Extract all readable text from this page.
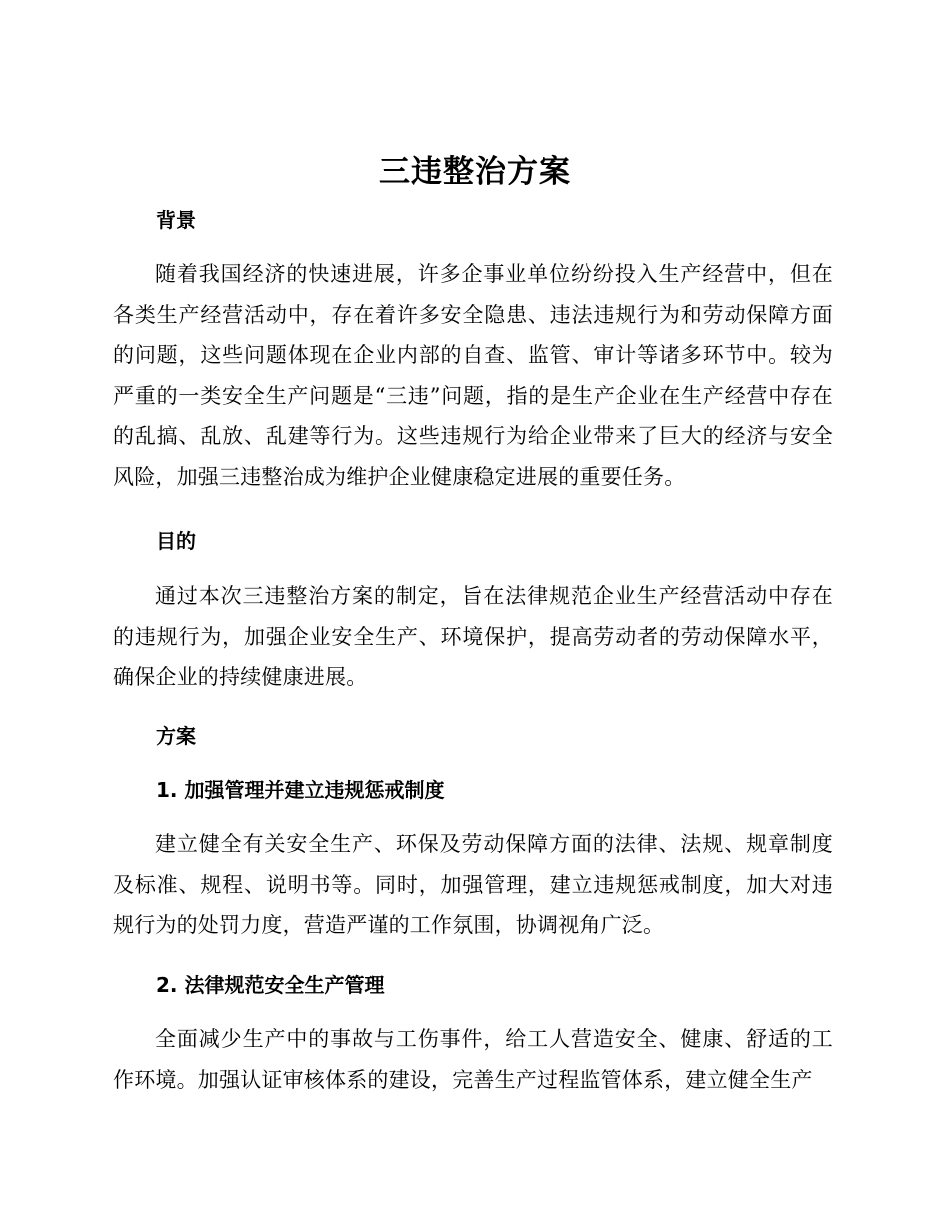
三违整治方案
背景
随着我国经济的快速进展，许多企事业单位纷纷投入生产经营中，但在各类生产经营活动中，存在着许多安全隐患、违法违规行为和劳动保障方面的问题，这些问题体现在企业内部的自查、监管、审计等诸多环节中。较为严重的一类安全生产问题是“三违”问题，指的是生产企业在生产经营中存在的乱搞、乱放、乱建等行为。这些违规行为给企业带来了巨大的经济与安全风险，加强三违整治成为维护企业健康稳定进展的重要任务。
目的
通过本次三违整治方案的制定，旨在法律规范企业生产经营活动中存在的违规行为，加强企业安全生产、环境保护，提高劳动者的劳动保障水平，确保企业的持续健康进展。
方案
1. 加强管理并建立违规惩戒制度
建立健全有关安全生产、环保及劳动保障方面的法律、法规、规章制度及标准、规程、说明书等。同时，加强管理，建立违规惩戒制度，加大对违规行为的处罚力度，营造严谨的工作氛围，协调视角广泛。
2. 法律规范安全生产管理
全面减少生产中的事故与工伤事件，给工人营造安全、健康、舒适的工作环境。加强认证审核体系的建设，完善生产过程监管体系，建立健全生产
